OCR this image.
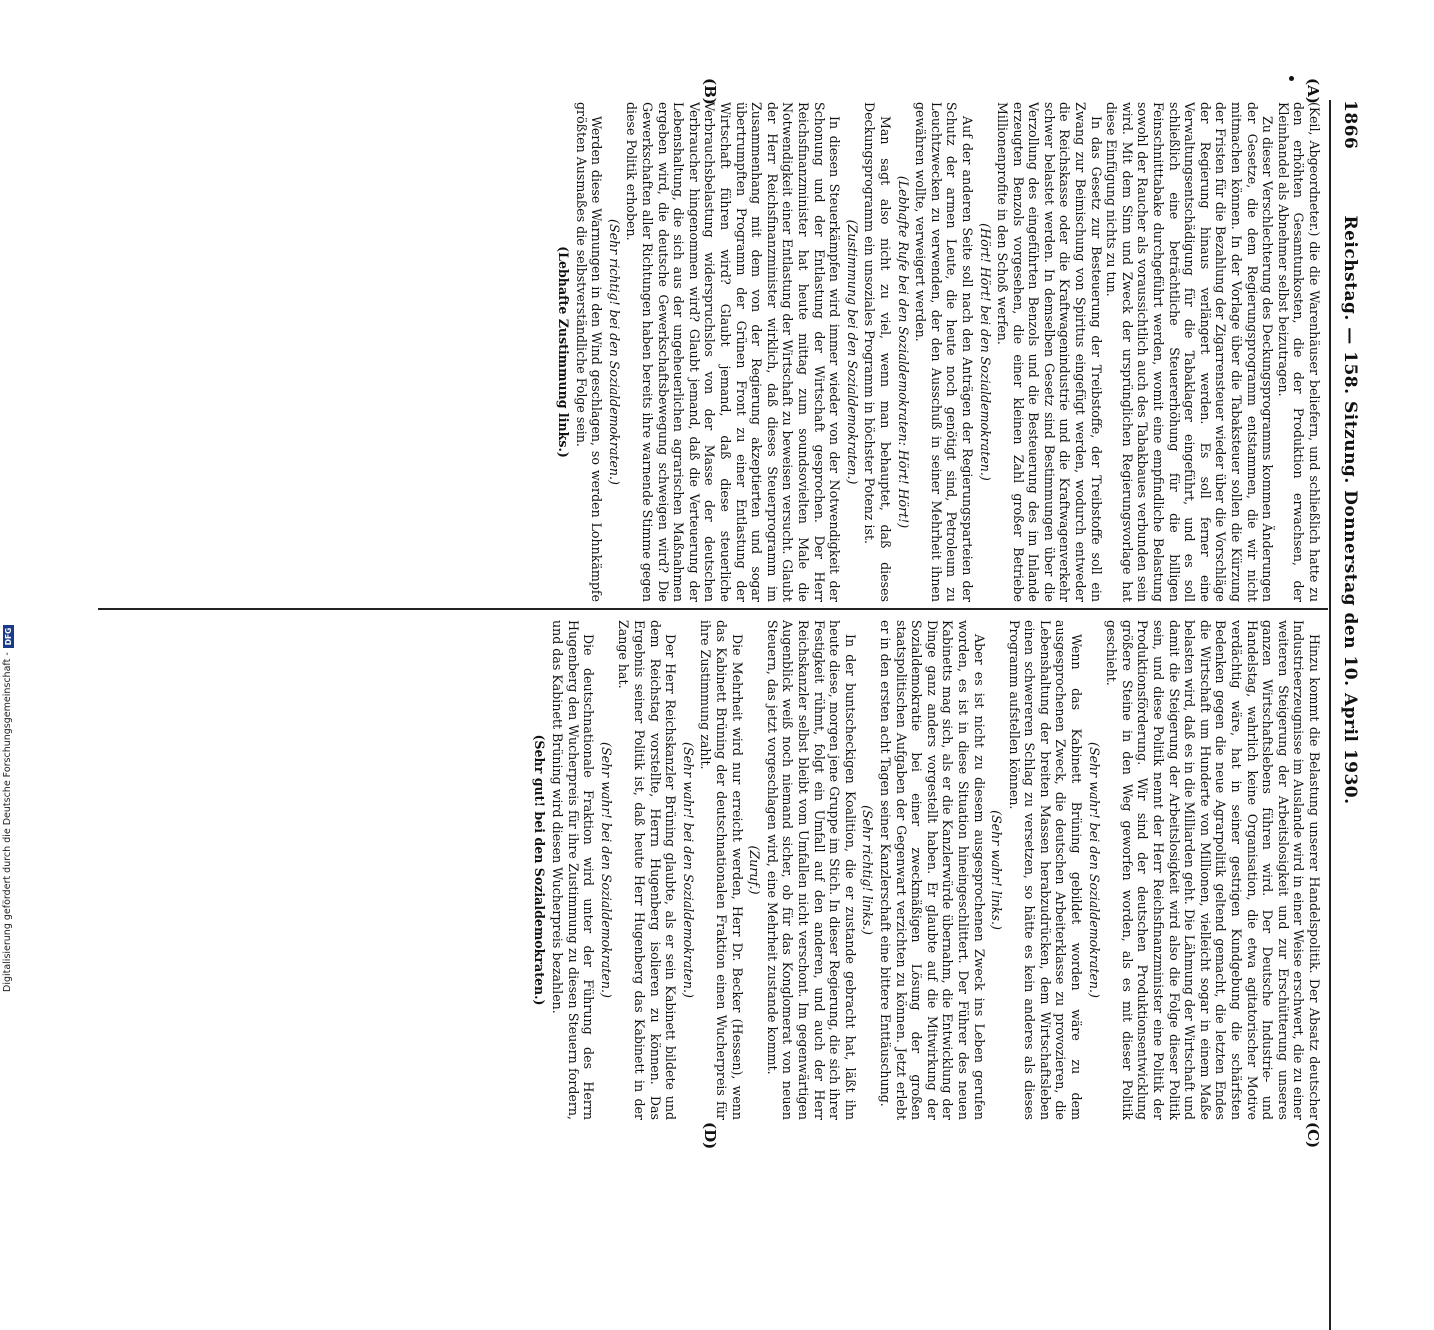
1866
Reichstag. — 158. Sitzung. Donnerstag den 10. April 1930.
(A)
(B)
(C)
(D)

(Keil, Abgeordneter.) die die Warenhäuser beliefern, und schließlich hatte zu den erhöhten Gesamtunkosten, die der Produktion erwachsen, der Kleinhandel als Abnehmer selbst beizutragen.

Zu dieser Verschlechterung des Deckungsprogramms kommen Änderungen der Gesetze, die dem Regierungsprogramm entstammen, die wir nicht mitmachen können. In der Vorlage über die Tabaksteuer sollen die Kürzung der Fristen für die Bezahlung der Zigarrensteuer wieder über die Vorschläge der Regierung hinaus verlängert werden. Es soll ferner eine Verwaltungsentschädigung für die Tabaklager eingeführt, und es soll schließlich eine beträchtliche Steuererhöhung für die billigen Feinschnitttabake durchgeführt werden, womit eine empfindliche Belastung sowohl der Raucher als voraussichtlich auch des Tabakbaues verbunden sein wird. Mit dem Sinn und Zweck der ursprünglichen Regierungsvorlage hat diese Einfügung nichts zu tun.

In das Gesetz zur Besteuerung der Treibstoffe, der Treibstoffe soll ein Zwang zur Beimischung von Spiritus eingefügt werden, wodurch entweder die Reichskasse oder die Kraftwagenindustrie und die Kraftwagenverkehr schwer belastet werden. In demselben Gesetz sind Bestimmungen über die Verzollung des eingeführten Benzols und die Besteuerung des im Inlande erzeugten Benzols vorgesehen, die einer kleinen Zahl großer Betriebe Millionenprofite in den Schoß werfen.

(Hört! Hört! bei den Sozialdemokraten.)

Auf der anderen Seite soll nach den Anträgen der Regierungsparteien der Schutz der armen Leute, die heute noch genötigt sind, Petroleum zu Leuchtzwecken zu verwenden, der den Ausschuß in seiner Mehrheit ihnen gewähren wollte, verweigert werden.

(Lebhafte Rufe bei den Sozialdemokraten: Hört! Hört!)

Man sagt also nicht zu viel, wenn man behauptet, daß dieses Deckungsprogramm ein unsoziales Programm in höchster Potenz ist.

(Zustimmung bei den Sozialdemokraten.)

In diesen Steuerkämpfen wird immer wieder von der Notwendigkeit der Schonung und der Entlastung der Wirtschaft gesprochen. Der Herr Reichsfinanzminister hat heute mittag zum soundsovielten Male die Notwendigkeit einer Entlastung der Wirtschaft zu beweisen versucht. Glaubt der Herr Reichsfinanzminister wirklich, daß dieses Steuerprogramm im Zusammenhang mit dem von der Regierung akzeptierten und sogar übertrumpften Programm der Grünen Front zu einer Entlastung der Wirtschaft führen wird? Glaubt jemand, daß diese steuerliche Verbrauchsbelastung widerspruchslos von der Masse der deutschen Verbraucher hingenommen wird? Glaubt jemand, daß die Verteuerung der Lebenshaltung, die sich aus der ungeheuerlichen agrarischen Maßnahmen ergeben wird, die deutsche Gewerkschaftsbewegung schweigen wird? Die Gewerkschaften aller Richtungen haben bereits ihre warnende Stimme gegen diese Politik erhoben.

(Sehr richtig! bei den Sozialdemokraten.)

Werden diese Warnungen in den Wind geschlagen, so werden Lohnkämpfe größten Ausmaßes die selbstverständliche Folge sein.

(Lebhafte Zustimmung links.)

Hinzu kommt die Belastung unserer Handelspolitik. Der Absatz deutscher Industrieerzeugnisse im Auslande wird in einer Weise erschwert, die zu einer weiteren Steigerung der Arbeitslosigkeit und zur Erschütterung unseres ganzen Wirtschaftslebens führen wird. Der Deutsche Industrie- und Handelstag, wahrlich keine Organisation, die etwa agitatorischer Motive verdächtig wäre, hat in seiner gestrigen Kundgebung die schärfsten Bedenken gegen die neue Agrarpolitik geltend gemacht, die letzten Endes die Wirtschaft um Hunderte von Millionen, vielleicht sogar in einem Maße belasten wird, daß es in die Milliarden geht. Die Lähmung der Wirtschaft und damit die Steigerung der Arbeitslosigkeit wird also die Folge dieser Politik sein, und diese Politik nennt der Herr Reichsfinanzminister eine Politik der Produktionsförderung. Wir sind der deutschen Produktionsentwicklung größere Steine in den Weg geworfen worden, als es mit dieser Politik geschieht.

(Sehr wahr! bei den Sozialdemokraten.)

Wenn das Kabinett Brüning gebildet worden wäre zu dem ausgesprochenen Zweck, die deutschen Arbeiterklasse zu provozieren, die Lebenshaltung der breiten Massen herabzudrücken, dem Wirtschaftsleben einen schwereren Schlag zu versetzen, so hätte es kein anderes als dieses Programm aufstellen können.

(Sehr wahr! links.)

Aber es ist nicht zu diesem ausgesprochenen Zweck ins Leben gerufen worden, es ist in diese Situation hineingeschlittert. Der Führer des neuen Kabinetts mag sich, als er die Kanzlerwürde übernahm, die Entwicklung der Dinge ganz anders vorgestellt haben. Er glaubte auf die Mitwirkung der Sozialdemokratie bei einer zweckmäßigen Lösung der großen staatspolitischen Aufgaben der Gegenwart verzichten zu können. Jetzt erlebt er in den ersten acht Tagen seiner Kanzlerschaft eine bittere Enttäuschung.

(Sehr richtig! links.)

In der buntscheckigen Koalition, die er zustande gebracht hat, läßt ihn heute diese, morgen jene Gruppe im Stich. In dieser Regierung, die sich ihrer Festigkeit rühmt, folgt ein Umfall auf den anderen, und auch der Herr Reichskanzler selbst bleibt vom Umfallen nicht verschont. Im gegenwärtigen Augenblick weiß noch niemand sicher, ob für das Konglomerat von neuen Steuern, das jetzt vorgeschlagen wird, eine Mehrheit zustande kommt.

(Zuruf.)

Die Mehrheit wird nur erreicht werden, Herr Dr. Becker (Hessen), wenn das Kabinett Brüning der deutschnationalen Fraktion einen Wucherpreis für ihre Zustimmung zahlt.

(Sehr wahr! bei den Sozialdemokraten.)

Der Herr Reichskanzler Brüning glaubte, als er sein Kabinett bildete und dem Reichstag vorstellte, Herrn Hugenberg isolieren zu können. Das Ergebnis seiner Politik ist, daß heute Herr Hugenberg das Kabinett in der Zange hat.

(Sehr wahr! bei den Sozialdemokraten.)

Die deutschnationale Fraktion wird unter der Führung des Herrn Hugenberg den Wucherpreis für ihre Zustimmung zu diesen Steuern fordern, und das Kabinett Brüning wird diesen Wucherpreis bezahlen.

(Sehr gut! bei den Sozialdemokraten.)

Digitalisierung gefördert durch die Deutsche Forschungsgemeinschaft -
DFG
